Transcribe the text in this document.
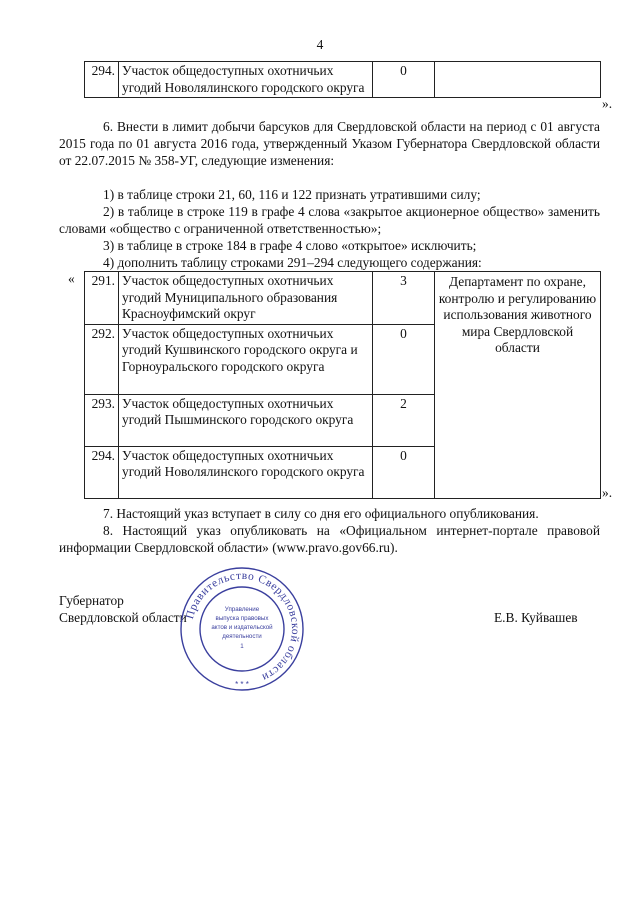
4
294.	Участок общедоступных охотничьих угодий Новолялинского городского округа	0	
».
6. Внести в лимит добычи барсуков для Свердловской области на период с 01 августа 2015 года по 01 августа 2016 года, утвержденный Указом Губернатора Свердловской области от 22.07.2015 № 358-УГ, следующие изменения:
1) в таблице строки 21, 60, 116 и 122 признать утратившими силу;
2) в таблице в строке 119 в графе 4 слова «закрытое акционерное общество» заменить словами «общество с ограниченной ответственностью»;
3) в таблице в строке 184 в графе 4 слово «открытое» исключить;
4) дополнить таблицу строками 291–294 следующего содержания:
« 291.	Участок общедоступных охотничьих угодий Муниципального образования Красноуфимский округ	3	Департамент по охране, контролю и регулированию использования животного мира Свердловской области
292.	Участок общедоступных охотничьих угодий Кушвинского городского округа и Горноуральского городского округа	0	
293.	Участок общедоступных охотничьих угодий Пышминского городского округа	2	
294.	Участок общедоступных охотничьих угодий Новолялинского городского округа	0	
».
7. Настоящий указ вступает в силу со дня его официального опубликования.
8. Настоящий указ опубликовать на «Официальном интернет-портале правовой информации Свердловской области» (www.pravo.gov66.ru).
Губернатор
Свердловской области	Е.В. Куйвашев
Правительство Свердловской области
Управление
выпуска правовых
актов и издательской
деятельности
1
* * *
